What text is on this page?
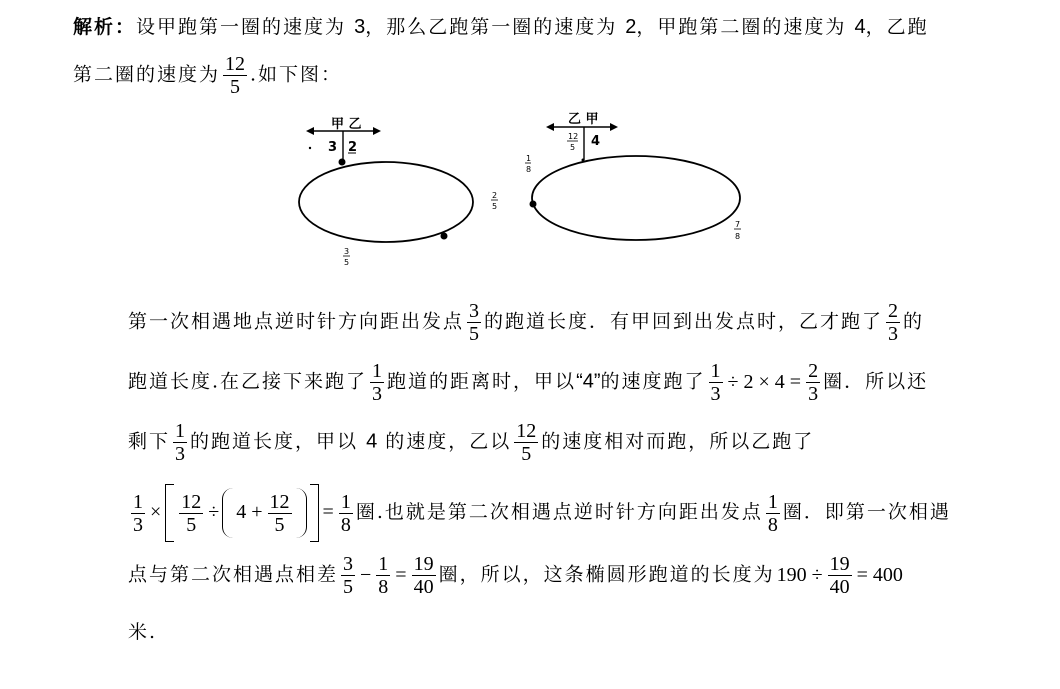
解析：设甲跑第一圈的速度为 3，那么乙跑第一圈的速度为 2，甲跑第二圈的速度为 4，乙跑
第二圈的速度为 $\frac{12}{5}$ .如下图：
甲 乙
3 2
2
5
3
5
乙 甲
12
5 4
1
8
7
8
第一次相遇地点逆时针方向距出发点 $\frac{3}{5}$ 的跑道长度．有甲回到出发点时，乙才跑了 $\frac{2}{3}$ 的
跑道长度.在乙接下来跑了 $\frac{1}{3}$ 跑道的距离时，甲以“4”的速度跑了 $\frac{1}{3} \div 2 \times 4 = \frac{2}{3}$ 圈．所以还
剩下 $\frac{1}{3}$ 的跑道长度，甲以 4 的速度，乙以 $\frac{12}{5}$ 的速度相对而跑，所以乙跑了
$\frac{1}{3} \times \frac{12}{5} \div 4 + \frac{12}{5} = \frac{1}{8}$ 圈.也就是第二次相遇点逆时针方向距出发点 $\frac{1}{8}$ 圈．即第一次相遇
点与第二次相遇点相差 $\frac{3}{5} - \frac{1}{8} = \frac{19}{40}$ 圈，所以，这条椭圆形跑道的长度为 $190 \div \frac{19}{40} = 400$
米.
